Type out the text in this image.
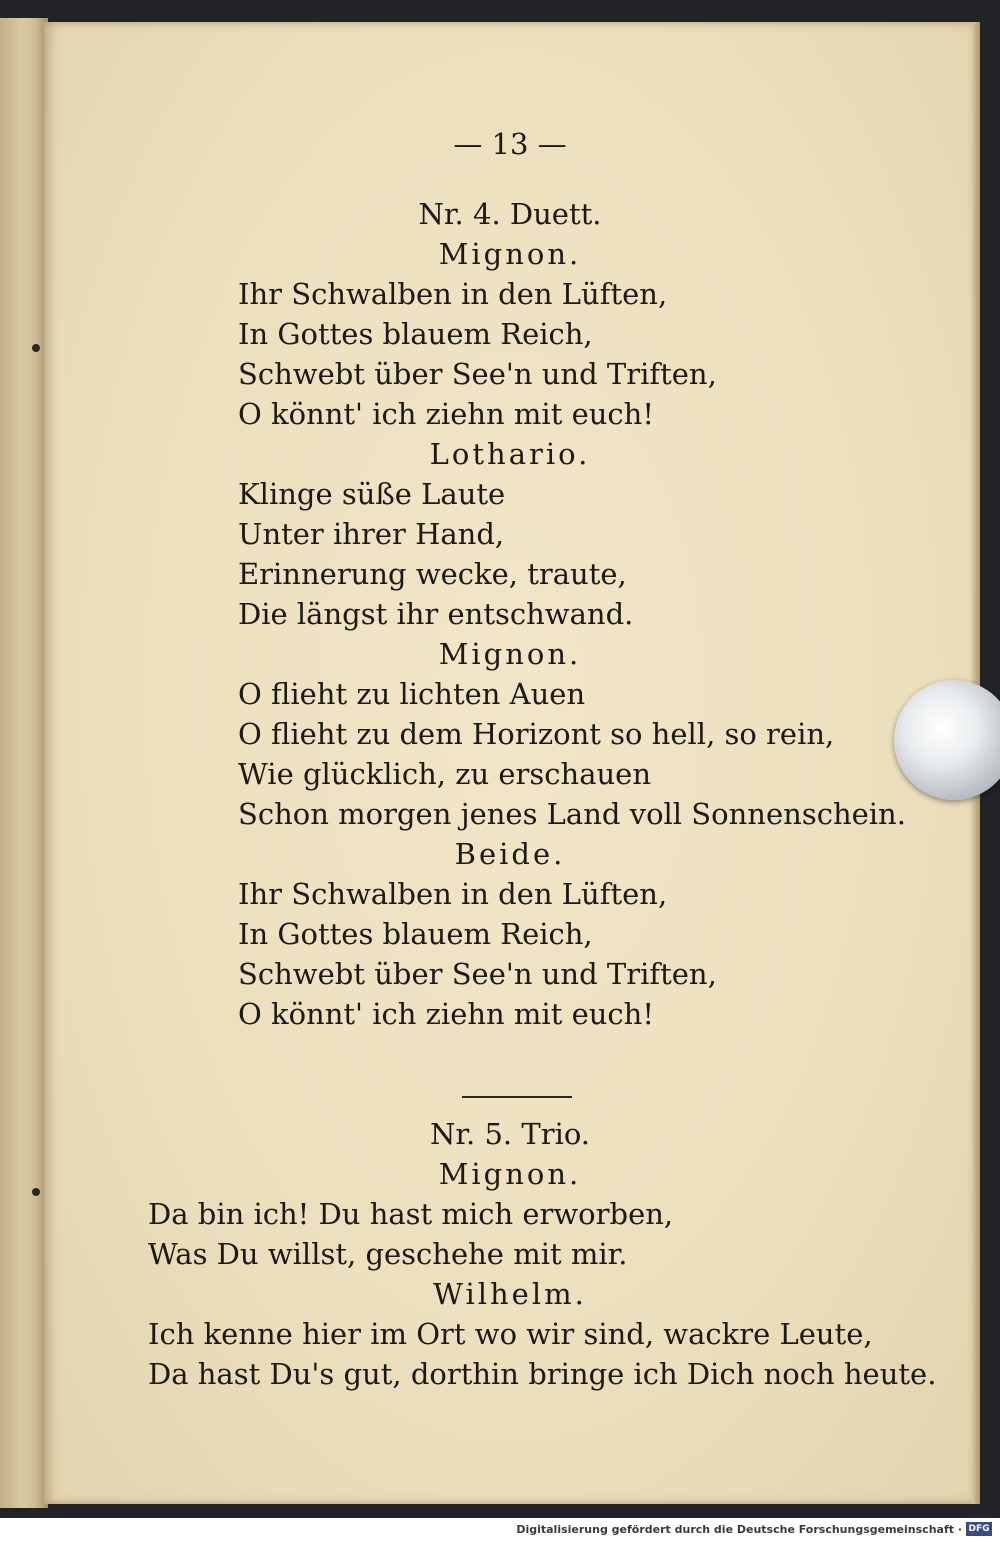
— 13 —
Nr. 4. Duett.
Mignon.
Ihr Schwalben in den Lüften,
In Gottes blauem Reich,
Schwebt über See'n und Triften,
O könnt' ich ziehn mit euch!
Lothario.
Klinge süße Laute
Unter ihrer Hand,
Erinnerung wecke, traute,
Die längst ihr entschwand.
Mignon.
O flieht zu lichten Auen
O flieht zu dem Horizont so hell, so rein,
Wie glücklich, zu erschauen
Schon morgen jenes Land voll Sonnenschein.
Beide.
Ihr Schwalben in den Lüften,
In Gottes blauem Reich,
Schwebt über See'n und Triften,
O könnt' ich ziehn mit euch!
Nr. 5. Trio.
Mignon.
Da bin ich! Du hast mich erworben,
Was Du willst, geschehe mit mir.
Wilhelm.
Ich kenne hier im Ort wo wir sind, wackre Leute,
Da hast Du's gut, dorthin bringe ich Dich noch heute.
Digitalisierung gefördert durch die Deutsche Forschungsgemeinschaft · DFG
